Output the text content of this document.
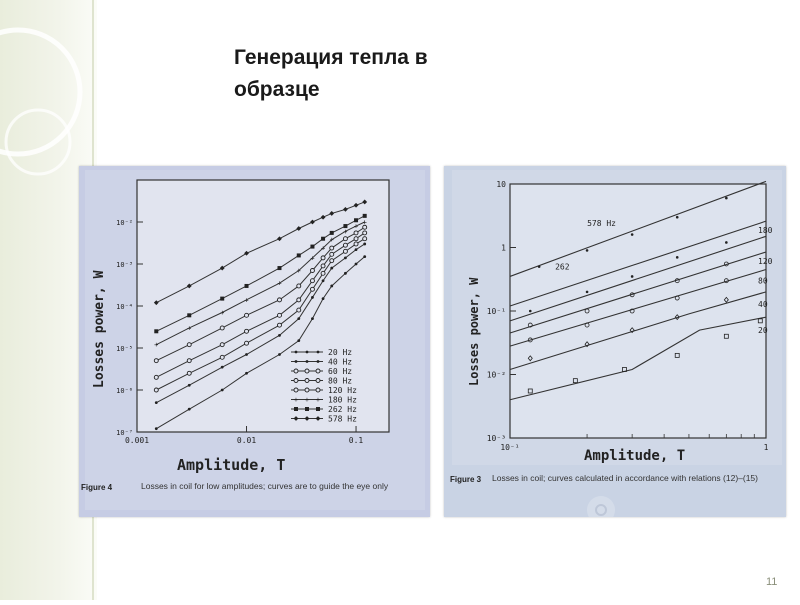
Генерация тепла в
образце
0.001	0.01	0.1
10⁻²
10⁻³
10⁻⁴
10⁻⁵
10⁻⁶
10⁻⁷
+
+
+
+
+
+
+
+
+
+
+
+
20 Hz
40 Hz
60 Hz
80 Hz
120 Hz
+ + + 180 Hz
262 Hz
578 Hz
Amplitude, T
Losses power, W
Figure 4	Losses in coil for low amplitudes; curves are to guide the eye only
10⁻¹	1
10
1
10⁻¹
10⁻²
10⁻³
578 Hz
180
262
120
80
40
20
Amplitude, T
Losses power, W
Figure 3 Losses in coil; curves calculated in accordance with relations (12)–(15)
11
